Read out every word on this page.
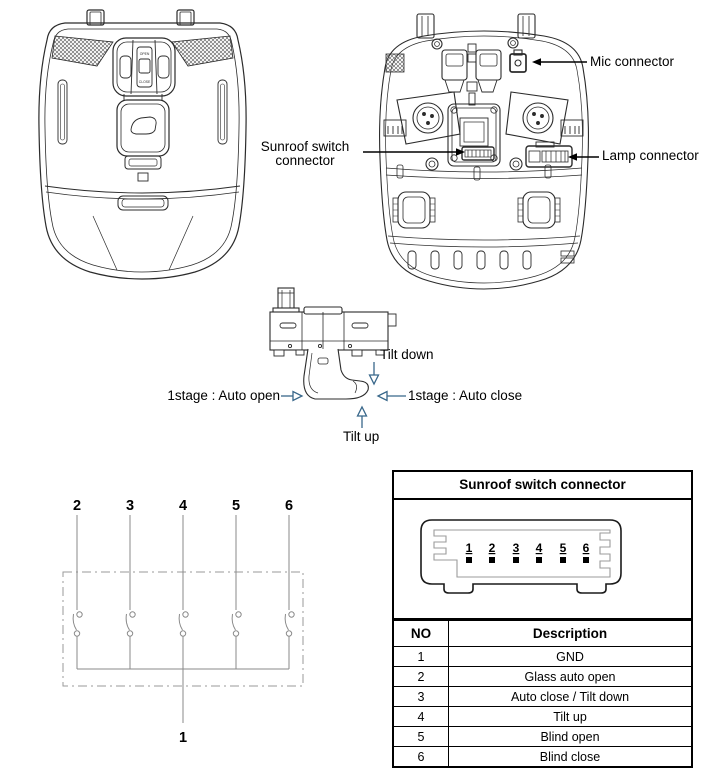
OPEN
CLOSE
2	3	4	5	6
1
Mic connector
Lamp connector
Sunroof switch
connector
Tilt down
1stage : Auto open	1stage : Auto close
Tilt up
Sunroof switch connector
1 2 3 4 5 6
NO	Description
1	GND
2	Glass auto open
3	Auto close / Tilt down
4	Tilt up
5	Blind open
6	Blind close
